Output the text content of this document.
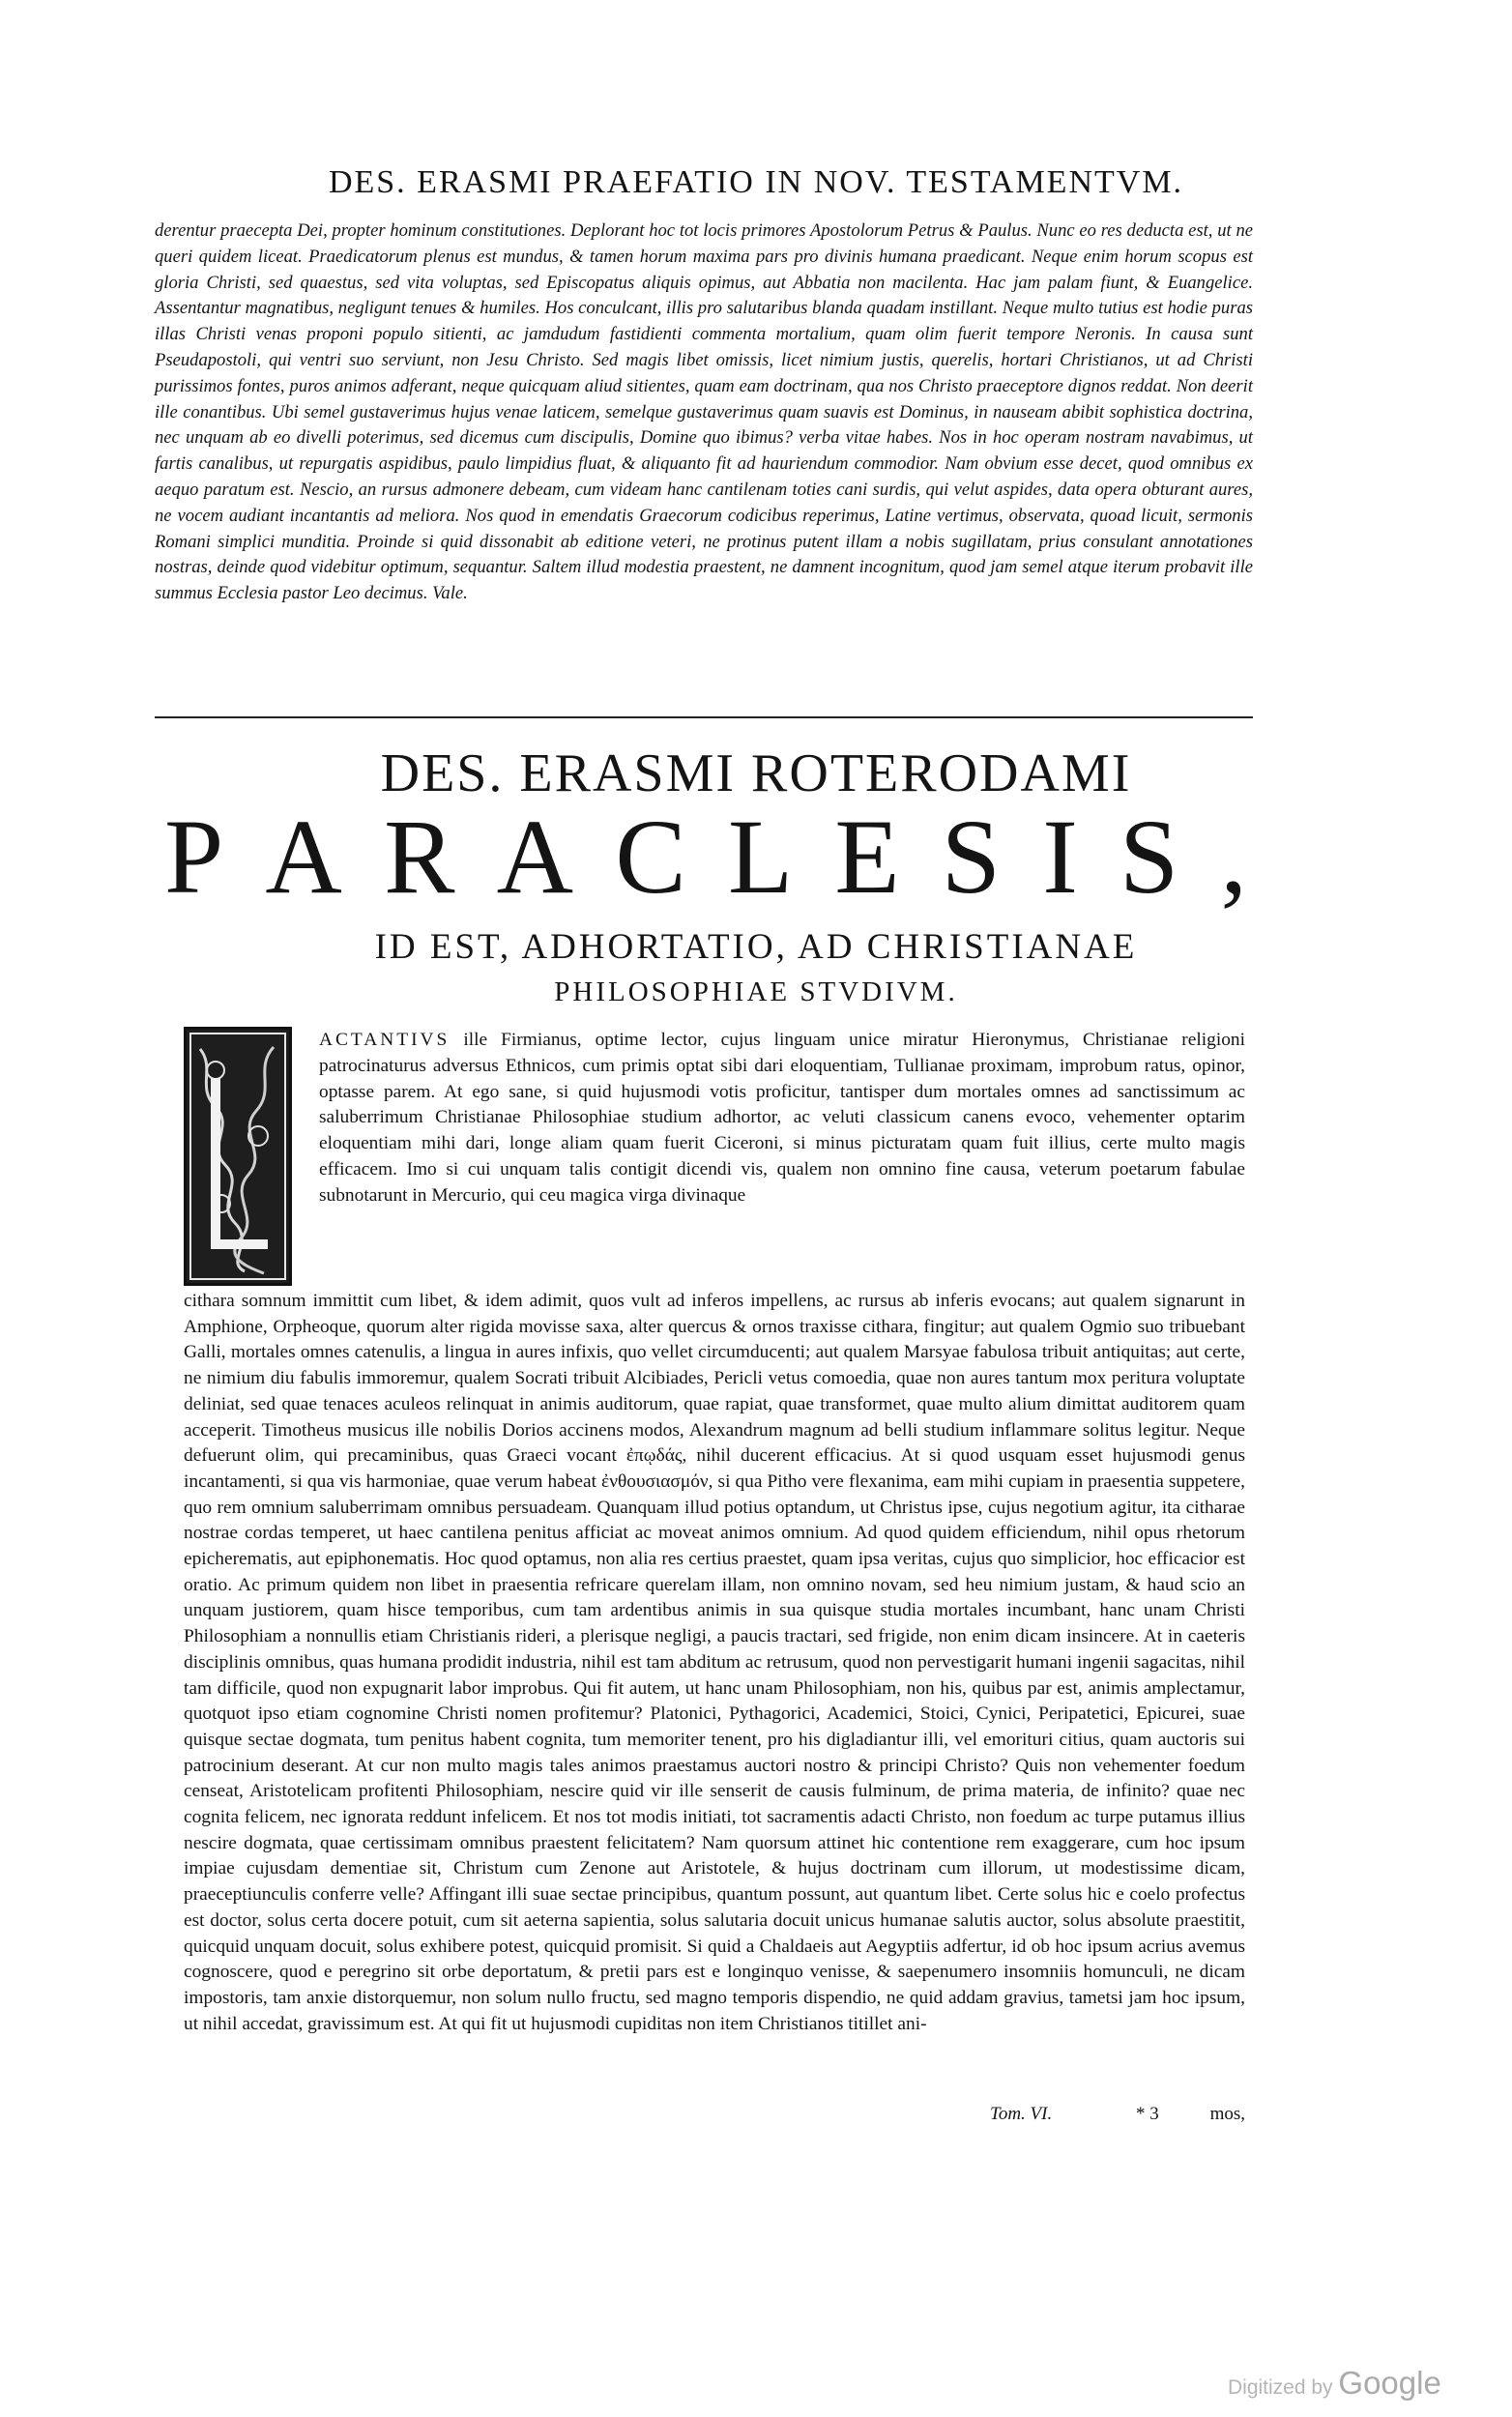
DES. ERASMI PRAEFATIO IN NOV. TESTAMENTVM.

derentur praecepta Dei, propter hominum constitutiones. Deplorant hoc tot locis primores Apostolorum Petrus & Paulus. Nunc eo res deducta est, ut ne queri quidem liceat. Praedicatorum plenus est mundus, & tamen horum maxima pars pro divinis humana praedicant. Neque enim horum scopus est gloria Christi, sed quaestus, sed vita voluptas, sed Episcopatus aliquis opimus, aut Abbatia non macilenta. Hac jam palam fiunt, & Euangelice. Assentantur magnatibus, negligunt tenues & humiles. Hos conculcant, illis pro salutaribus blanda quadam instillant. Neque multo tutius est hodie puras illas Christi venas proponi populo sitienti, ac jamdudum fastidienti commenta mortalium, quam olim fuerit tempore Neronis. In causa sunt Pseudapostoli, qui ventri suo serviunt, non Jesu Christo. Sed magis libet omissis, licet nimium justis, querelis, hortari Christianos, ut ad Christi purissimos fontes, puros animos adferant, neque quicquam aliud sitientes, quam eam doctrinam, qua nos Christo praeceptore dignos reddat. Non deerit ille conantibus. Ubi semel gustaverimus hujus venae laticem, semelque gustaverimus quam suavis est Dominus, in nauseam abibit sophistica doctrina, nec unquam ab eo divelli poterimus, sed dicemus cum discipulis, Domine quo ibimus? verba vitae habes. Nos in hoc operam nostram navabimus, ut fartis canalibus, ut repurgatis aspidibus, paulo limpidius fluat, & aliquanto fit ad hauriendum commodior. Nam obvium esse decet, quod omnibus ex aequo paratum est. Nescio, an rursus admonere debeam, cum videam hanc cantilenam toties cani surdis, qui velut aspides, data opera obturant aures, ne vocem audiant incantantis ad meliora. Nos quod in emendatis Graecorum codicibus reperimus, Latine vertimus, observata, quoad licuit, sermonis Romani simplici munditia. Proinde si quid dissonabit ab editione veteri, ne protinus putent illam a nobis sugillatam, prius consulant annotationes nostras, deinde quod videbitur optimum, sequantur. Saltem illud modestia praestent, ne damnent incognitum, quod jam semel atque iterum probavit ille summus Ecclesia pastor Leo decimus. Vale.

DES. ERASMI ROTERODAMI
P A R A C L E S I S ,
ID EST, ADHORTATIO, AD CHRISTIANAE
PHILOSOPHIAE STVDIVM.

ACTANTIVS ille Firmianus, optime lector, cujus linguam unice miratur Hieronymus, Christianae religioni patrocinaturus adversus Ethnicos, cum primis optat sibi dari eloquentiam, Tullianae proximam, improbum ratus, opinor, optasse parem. At ego sane, si quid hujusmodi votis proficitur, tantisper dum mortales omnes ad sanctissimum ac saluberrimum Christianae Philosophiae studium adhortor, ac veluti classicum canens evoco, vehementer optarim eloquentiam mihi dari, longe aliam quam fuerit Ciceroni, si minus picturatam quam fuit illius, certe multo magis efficacem. Imo si cui unquam talis contigit dicendi vis, qualem non omnino fine causa, veterum poetarum fabulae subnotarunt in Mercurio, qui ceu magica virga divinaque

cithara somnum immittit cum libet, & idem adimit, quos vult ad inferos impellens, ac rursus ab inferis evocans; aut qualem signarunt in Amphione, Orpheoque, quorum alter rigida movisse saxa, alter quercus & ornos traxisse cithara, fingitur; aut qualem Ogmio suo tribuebant Galli, mortales omnes catenulis, a lingua in aures infixis, quo vellet circumducenti; aut qualem Marsyae fabulosa tribuit antiquitas; aut certe, ne nimium diu fabulis immoremur, qualem Socrati tribuit Alcibiades, Pericli vetus comoedia, quae non aures tantum mox peritura voluptate deliniat, sed quae tenaces aculeos relinquat in animis auditorum, quae rapiat, quae transformet, quae multo alium dimittat auditorem quam acceperit. Timotheus musicus ille nobilis Dorios accinens modos, Alexandrum magnum ad belli studium inflammare solitus legitur. Neque defuerunt olim, qui precaminibus, quas Graeci vocant ἐπῳδάς, nihil ducerent efficacius. At si quod usquam esset hujusmodi genus incantamenti, si qua vis harmoniae, quae verum habeat ἐνθουσιασμόν, si qua Pitho vere flexanima, eam mihi cupiam in praesentia suppetere, quo rem omnium saluberrimam omnibus persuadeam. Quanquam illud potius optandum, ut Christus ipse, cujus negotium agitur, ita citharae nostrae cordas temperet, ut haec cantilena penitus afficiat ac moveat animos omnium. Ad quod quidem efficiendum, nihil opus rhetorum epicherematis, aut epiphonematis. Hoc quod optamus, non alia res certius praestet, quam ipsa veritas, cujus quo simplicior, hoc efficacior est oratio. Ac primum quidem non libet in praesentia refricare querelam illam, non omnino novam, sed heu nimium justam, & haud scio an unquam justiorem, quam hisce temporibus, cum tam ardentibus animis in sua quisque studia mortales incumbant, hanc unam Christi Philosophiam a nonnullis etiam Christianis rideri, a plerisque negligi, a paucis tractari, sed frigide, non enim dicam insincere. At in caeteris disciplinis omnibus, quas humana prodidit industria, nihil est tam abditum ac retrusum, quod non pervestigarit humani ingenii sagacitas, nihil tam difficile, quod non expugnarit labor improbus. Qui fit autem, ut hanc unam Philosophiam, non his, quibus par est, animis amplectamur, quotquot ipso etiam cognomine Christi nomen profitemur? Platonici, Pythagorici, Academici, Stoici, Cynici, Peripatetici, Epicurei, suae quisque sectae dogmata, tum penitus habent cognita, tum memoriter tenent, pro his digladiantur illi, vel emorituri citius, quam auctoris sui patrocinium deserant. At cur non multo magis tales animos praestamus auctori nostro & principi Christo? Quis non vehementer foedum censeat, Aristotelicam profitenti Philosophiam, nescire quid vir ille senserit de causis fulminum, de prima materia, de infinito? quae nec cognita felicem, nec ignorata reddunt infelicem. Et nos tot modis initiati, tot sacramentis adacti Christo, non foedum ac turpe putamus illius nescire dogmata, quae certissimam omnibus praestent felicitatem? Nam quorsum attinet hic contentione rem exaggerare, cum hoc ipsum impiae cujusdam dementiae sit, Christum cum Zenone aut Aristotele, & hujus doctrinam cum illorum, ut modestissime dicam, praeceptiunculis conferre velle? Affingant illi suae sectae principibus, quantum possunt, aut quantum libet. Certe solus hic e coelo profectus est doctor, solus certa docere potuit, cum sit aeterna sapientia, solus salutaria docuit unicus humanae salutis auctor, solus absolute praestitit, quicquid unquam docuit, solus exhibere potest, quicquid promisit. Si quid a Chaldaeis aut Aegyptiis adfertur, id ob hoc ipsum acrius avemus cognoscere, quod e peregrino sit orbe deportatum, & pretii pars est e longinquo venisse, & saepenumero insomniis homunculi, ne dicam impostoris, tam anxie distorquemur, non solum nullo fructu, sed magno temporis dispendio, ne quid addam gravius, tametsi jam hoc ipsum, ut nihil accedat, gravissimum est. At qui fit ut hujusmodi cupiditas non item Christianos titillet ani-

Tom. VI.	* 3	mos,
Digitized by Google
